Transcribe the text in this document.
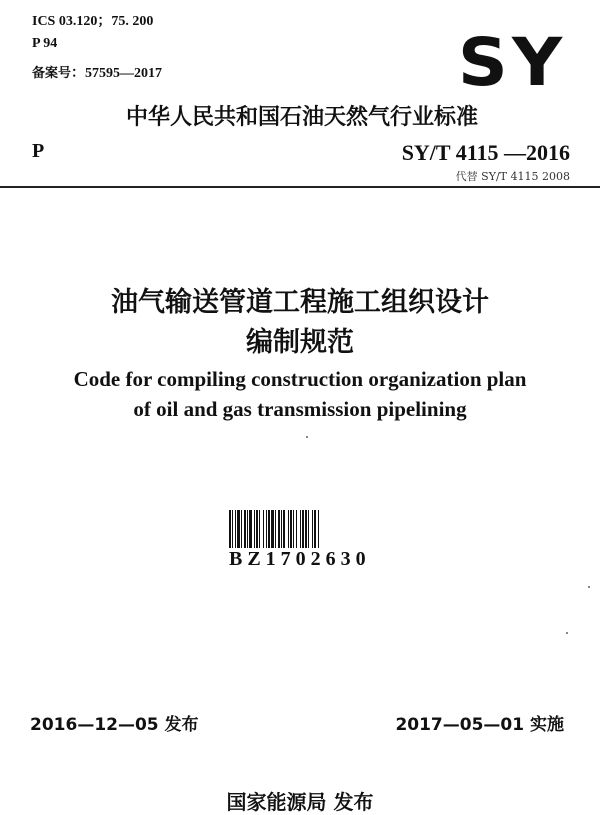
ICS 03.120；75. 200
P 94
备案号：57595—2017	SY
中华人民共和国石油天然气行业标准
P	SY/T 4115 —2016
代替 SY/T 4115 2008
油气输送管道工程施工组织设计
编制规范
Code for compiling construction organization plan
of oil and gas transmission pipelining
BZ1702630
2016—12—05 发布	2017—05—01 实施
国家能源局 发布
